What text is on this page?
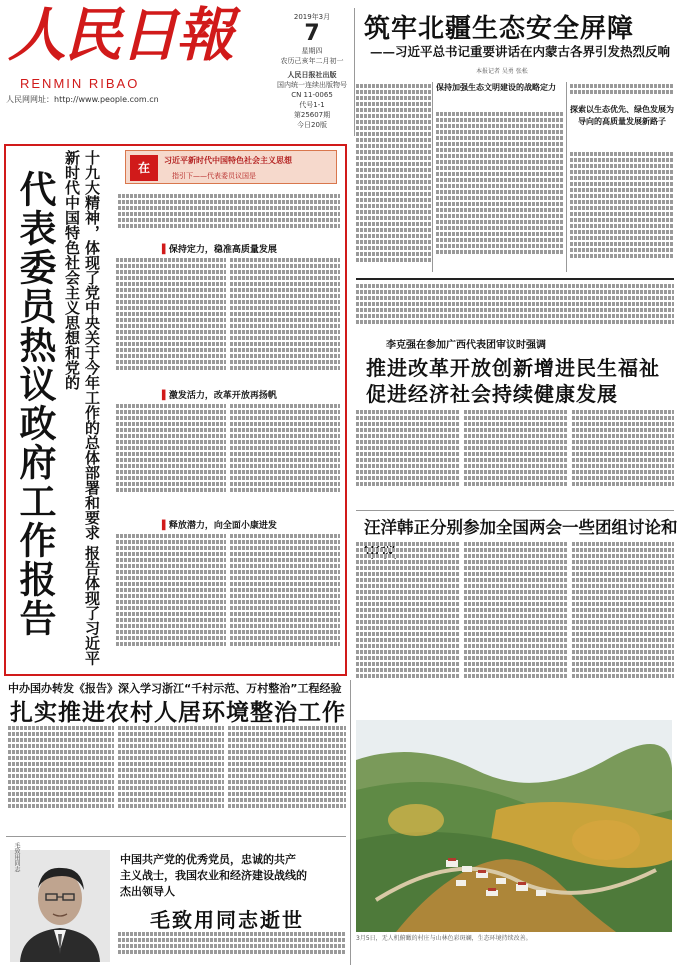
人民日報
RENMIN RIBAO
人民网网址：http://www.people.com.cn
2019年3月
7
星期四
农历己亥年二月初一
人民日报社出版
国内统一连续出版物号
CN 11-0065
代号1-1
第25607期
今日20版
筑牢北疆生态安全屏障
——习近平总书记重要讲话在内蒙古各界引发热烈反响
本报记者 吴勇 张枨
保持加强生态文明建设的战略定力
探索以生态优先、绿色发展为导向的高质量发展新路子
代表委员热议政府工作报告	十九大精神，体现了党中央关于今年工作的总体部署和要求 报告体现了习近平新时代中国特色社会主义思想和党的	在
习近平新时代中国特色社会主义思想
指引下——代表委员议国是
▌保持定力，稳准高质量发展
▌激发活力，改革开放再扬帆
▌释放潜力，向全面小康进发
李克强在参加广西代表团审议时强调
推进改革开放创新增进民生福祉
促进经济社会持续健康发展
汪洋韩正分别参加全国两会一些团组讨论和
3月5日，无人机俯瞰的村庄与山林色彩斑斓，生态环境持续改善。
中办国办转发《报告》深入学习浙江“千村示范、万村整治”工程经验
扎实推进农村人居环境整治工作
毛致用同志	中国共产党的优秀党员，忠诚的共产
主义战士，我国农业和经济建设战线的
杰出领导人
毛致用同志逝世
